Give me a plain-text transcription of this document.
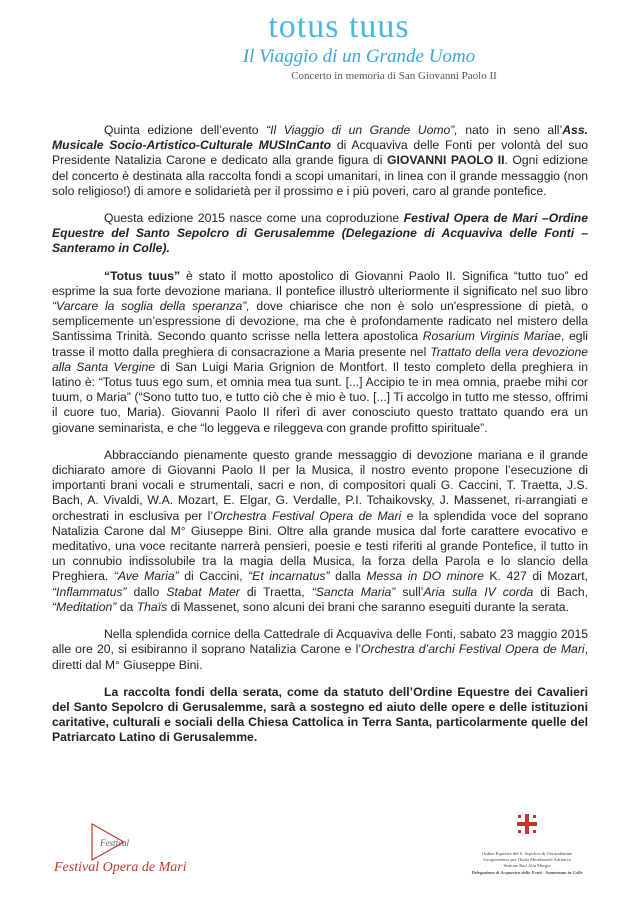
totus tuus
Il Viaggio di un Grande Uomo
Concerto in memoria di San Giovanni Paolo II

Quinta edizione dell’evento “Il Viaggio di un Grande Uomo”, nato in seno all’Ass. Musicale Socio-Artistico-Culturale MUSInCanto di Acquaviva delle Fonti per volontà del suo Presidente Natalizia Carone e dedicato alla grande figura di GIOVANNI PAOLO II. Ogni edizione del concerto è destinata alla raccolta fondi a scopi umanitari, in linea con il grande messaggio (non solo religioso!) di amore e solidarietà per il prossimo e i più poveri, caro al grande pontefice.

Questa edizione 2015 nasce come una coproduzione Festival Opera de Mari –Ordine Equestre del Santo Sepolcro di Gerusalemme (Delegazione di Acquaviva delle Fonti –Santeramo in Colle).

“Totus tuus” è stato il motto apostolico di Giovanni Paolo II. Significa “tutto tuo” ed esprime la sua forte devozione mariana. Il pontefice illustrò ulteriormente il significato nel suo libro “Varcare la soglia della speranza”, dove chiarisce che non è solo un'espressione di pietà, o semplicemente un’espressione di devozione, ma che è profondamente radicato nel mistero della Santissima Trinità. Secondo quanto scrisse nella lettera apostolica Rosarium Virginis Mariae, egli trasse il motto dalla preghiera di consacrazione a Maria presente nel Trattato della vera devozione alla Santa Vergine di San Luigi Maria Grignion de Montfort. Il testo completo della preghiera in latino è: “Totus tuus ego sum, et omnia mea tua sunt. [...] Accipio te in mea omnia, praebe mihi cor tuum, o Maria” (“Sono tutto tuo, e tutto ciò che è mio è tuo. [...] Ti accolgo in tutto me stesso, offrimi il cuore tuo, Maria). Giovanni Paolo II riferì di aver conosciuto questo trattato quando era un giovane seminarista, e che “lo leggeva e rileggeva con grande profitto spirituale”.

Abbracciando pienamente questo grande messaggio di devozione mariana e il grande dichiarato amore di Giovanni Paolo II per la Musica, il nostro evento propone l’esecuzione di importanti brani vocali e strumentali, sacri e non, di compositori quali G. Caccini, T. Traetta, J.S. Bach, A. Vivaldi, W.A. Mozart, E. Elgar, G. Verdalle, P.I. Tchaikovsky, J. Massenet, ri-arrangiati e orchestrati in esclusiva per l’Orchestra Festival Opera de Mari e la splendida voce del soprano Natalizia Carone dal M° Giuseppe Bini. Oltre alla grande musica dal forte carattere evocativo e meditativo, una voce recitante narrerà pensieri, poesie e testi riferiti al grande Pontefice, il tutto in un connubio indissolubile tra la magia della Musica, la forza della Parola e lo slancio della Preghiera. “Ave Maria” di Caccini, “Et incarnatus” dalla Messa in DO minore K. 427 di Mozart, “Inflammatus” dallo Stabat Mater di Traetta, “Sancta Maria” sull’Aria sulla IV corda di Bach, “Meditation” da Thaïs di Massenet, sono alcuni dei brani che saranno eseguiti durante la serata.

Nella splendida cornice della Cattedrale di Acquaviva delle Fonti, sabato 23 maggio 2015 alle ore 20, si esibiranno il soprano Natalizia Carone e l’Orchestra d’archi Festival Opera de Mari, diretti dal M° Giuseppe Bini.

La raccolta fondi della serata, come da statuto dell’Ordine Equestre dei Cavalieri del Santo Sepolcro di Gerusalemme, sarà a sostegno ed aiuto delle opere e delle istituzioni caritative, culturali e sociali della Chiesa Cattolica in Terra Santa, particolarmente quelle del Patriarcato Latino di Gerusalemme.

Festival
Festival Opera de Mari
Ordine Equestre del S. Sepolcro di Gerusalemme
Luogotenenza per l'Italia Meridionale Adriatica
Sezione Bari Alta Murgia
Delegazione di Acquaviva delle Fonti - Santeramo in Colle
